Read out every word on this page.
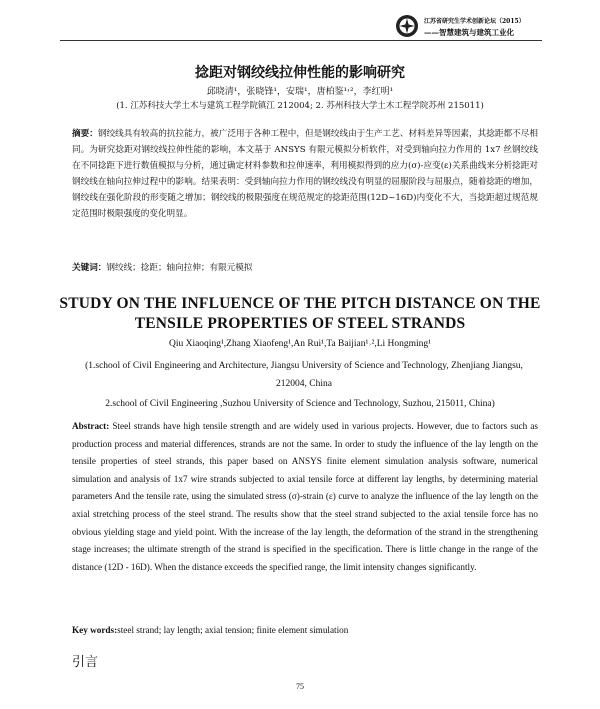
江苏省研究生学术创新论坛（2015）
——智慧建筑与建筑工业化
捻距对钢绞线拉伸性能的影响研究
邱晓清¹，张晓锋¹，安瑞¹，唐柏鉴¹˒²，李红明¹
(1. 江苏科技大学土木与建筑工程学院镇江 212004; 2. 苏州科技大学土木工程学院苏州 215011)
摘要：钢绞线具有较高的抗拉能力，被广泛用于各种工程中，但是钢绞线由于生产工艺、材料差异等因素，其捻距都不尽相同。为研究捻距对钢绞线拉伸性能的影响，本文基于 ANSYS 有限元模拟分析软件，对受到轴向拉力作用的 1x7 丝钢绞线在不同捻距下进行数值模拟与分析，通过确定材料参数和拉伸速率，利用模拟得到的应力(σ)-应变(ε)关系曲线来分析捻距对钢绞线在轴向拉伸过程中的影响。结果表明：受到轴向拉力作用的钢绞线没有明显的屈服阶段与屈服点，随着捻距的增加，钢绞线在强化阶段的形变随之增加；钢绞线的极限强度在规范规定的捻距范围(12D~16D)内变化不大，当捻距超过规范规定范围时极限强度的变化明显。
关键词：钢绞线；捻距；轴向拉伸；有限元模拟
STUDY ON THE INFLUENCE OF THE PITCH DISTANCE ON THE TENSILE PROPERTIES OF STEEL STRANDS
Qiu Xiaoqing¹,Zhang Xiaofeng¹,An Rui¹,Ta Baijian¹˒²,Li Hongming¹
(1.school of Civil Engineering and Architecture, Jiangsu University of Science and Technology, Zhenjiang Jiangsu, 212004, China
2.school of Civil Engineering ,Suzhou University of Science and Technology, Suzhou, 215011, China)
Abstract: Steel strands have high tensile strength and are widely used in various projects. However, due to factors such as production process and material differences, strands are not the same. In order to study the influence of the lay length on the tensile properties of steel strands, this paper based on ANSYS finite element simulation analysis software, numerical simulation and analysis of 1x7 wire strands subjected to axial tensile force at different lay lengths, by determining material parameters And the tensile rate, using the simulated stress (σ)-strain (ε) curve to analyze the influence of the lay length on the axial stretching process of the steel strand. The results show that the steel strand subjected to the axial tensile force has no obvious yielding stage and yield point. With the increase of the lay length, the deformation of the strand in the strengthening stage increases; the ultimate strength of the strand is specified in the specification. There is little change in the range of the distance (12D - 16D). When the distance exceeds the specified range, the limit intensity changes significantly.
Key words:steel strand; lay length; axial tension; finite element simulation
引言
75
